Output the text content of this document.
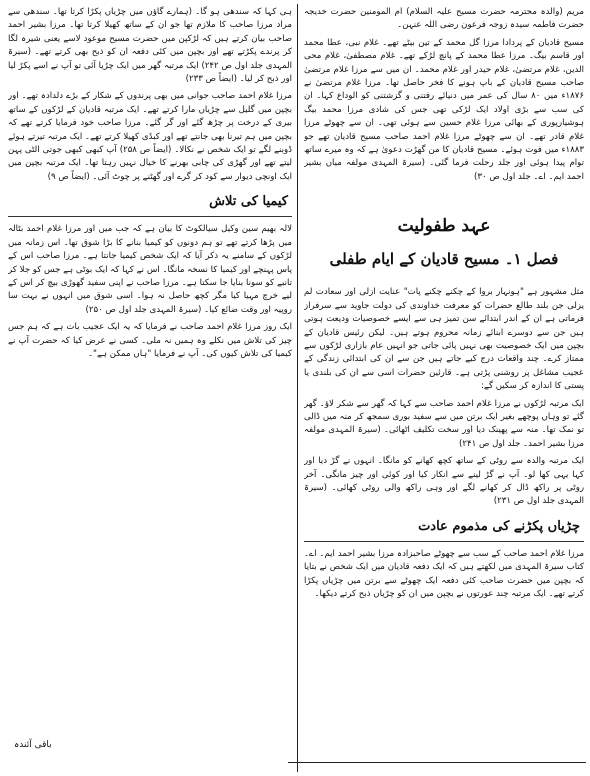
مریم (والدہ محترمہ حضرت مسیح علیہ السلام) ام المومنین حضرت خدیجہ حضرت فاطمہ سیدہ زوجہ فرعون رضی اللہ عنہن۔

مسیح قادیان کے پردادا مرزا گل محمد کے تین بیٹے تھے۔ غلام نبی، عطا محمد اور قاسم بیگ۔ مرزا عطا محمد کے پانچ لڑکے تھے۔ غلام مصطفیٰ، غلام محی الدین، غلام مرتضیٰ، غلام حیدر اور غلام محمد۔ ان میں سے مرزا غلام مرتضیٰ صاحب مسیح قادیان کے باپ ہونے کا فخر حاصل تھا۔ مرزا غلام مرتضیٰ نے ۱۸۷۶ء میں ۸۰ سال کی عمر میں دنیائے رفتنی و گزشتنی کو الوداع کہا۔ ان کی سب سے بڑی اولاد ایک لڑکی تھی جس کی شادی مرزا محمد بیگ ہوشیارپوری کے بھائی مرزا غلام حسین سے ہوئی تھی۔ ان سے چھوٹے مرزا غلام قادر تھے۔ ان سے چھوٹے مرزا غلام احمد صاحب مسیح قادیان تھے جو ۱۸۸۳ء میں فوت ہوئے۔ مسیح قادیان کا من گھڑت دعویٰ ہے کہ وہ میرے ساتھ توام پیدا ہوئی اور جلد رحلت فرما گئی۔ (سیرۃ المہدی مولفہ میاں بشیر احمد ایم۔ اے۔ جلد اول ص ۳۰)

عہد طفولیت
فصل ۱۔ مسیح قادیان کے ایام طفلی

مثل مشہور ہے "ہونہار بروا کے چکنے چکنے پات" عنایت ازلی اور سعادت لم یزلی جن بلند طالع حضرات کو معرفت خداوندی کی دولت جاوید سے سرفراز فرماتی ہے ان کے اندر ابتدائے سن تمیز ہی سے ایسے خصوصیات ودیعت ہوتی ہیں جن سے دوسرے ابنائے زمانہ محروم ہوتے ہیں۔ لیکن رئیس قادیان کے بچپن میں ایک خصوصیت بھی نہیں پائی جاتی جو انہیں عام بازاری لڑکوں سے ممتاز کرے۔ چند واقعات درج کیے جاتے ہیں جن سے ان کی ابتدائی زندگی کے عجیب مشاغل پر روشنی پڑتی ہے۔ قارئین حضرات اسی سے ان کی بلندی یا پستی کا اندازہ کر سکیں گے:

ایک مرتبہ لڑکوں نے مرزا غلام احمد صاحب سے کہا کہ گھر سے شکر لاؤ۔ گھر گئے تو وہاں پوچھے بغیر ایک برتن میں سے سفید بوری سمجھ کر منہ میں ڈالی تو نمک تھا۔ منہ سے پھینک دیا اور سخت تکلیف اٹھائی۔ (سیرۃ المہدی مولفہ مرزا بشیر احمد۔ جلد اول ص ۲۴۱)

ایک مرتبہ والدہ سے روٹی کے ساتھ کچھ کھانے کو مانگا۔ انہوں نے گڑ دیا اور کہا یہی کھا لو۔ آپ نے گڑ لینے سے انکار کیا اور کوئی اور چیز مانگی۔ آخر روٹی پر راکھ ڈال کر کھانے لگے اور وہی راکھ والی روٹی کھائی۔ (سیرۃ المہدی جلد اول ص ۲۳۱)

چڑیاں پکڑنے کی مذموم عادت

مرزا غلام احمد صاحب کے سب سے چھوٹے صاحبزادہ مرزا بشیر احمد ایم۔ اے۔ کتاب سیرۃ المہدی میں لکھتے ہیں کہ ایک دفعہ قادیان میں ایک شخص نے بتایا کہ بچپن میں حضرت صاحب کئی دفعہ ایک چھوٹے سے برتن میں چڑیاں پکڑا کرتے تھے۔ ایک مرتبہ چند عورتوں نے بچپن میں ان کو چڑیاں ذبح کرتے دیکھا۔

ہی کہا کہ سندھی ہو گا۔ (ہمارے گاؤں میں چڑیاں پکڑا کرتا تھا۔ سندھی سے مراد مرزا صاحب کا ملازم تھا جو ان کے ساتھ کھیلا کرتا تھا۔ مرزا بشیر احمد صاحب بیان کرتے ہیں کہ لڑکپن میں حضرت مسیح موعود لاسے یعنی شیرہ لگا کر پرندے پکڑتے تھے اور بچپن میں کئی دفعہ ان کو ذبح بھی کرتے تھے۔ (سیرۃ المہدی جلد اول ص ۲۴۲) ایک مرتبہ گھر میں ایک چڑیا آئی تو آپ نے اسے پکڑ لیا اور ذبح کر لیا۔ (ایضاً ص ۲۳۳)

مرزا غلام احمد صاحب جوانی میں بھی پرندوں کے شکار کے بڑے دلدادہ تھے۔ اور بچپن میں گلیل سے چڑیاں مارا کرتے تھے۔ ایک مرتبہ قادیان کے لڑکوں کے ساتھ بیری کے درخت پر چڑھ گئے اور گر گئے۔ مرزا صاحب خود فرمایا کرتے تھے کہ بچپن میں ہم تیرنا بھی جانتے تھے اور کبڈی کھیلا کرتے تھے۔ ایک مرتبہ تیرتے ہوئے ڈوبنے لگے تو ایک شخص نے نکالا۔ (ایضاً ص ۲۵۸) آپ کبھی کبھی جوتی الٹی پہن لیتے تھے اور گھڑی کی چابی بھرنے کا خیال نہیں رہتا تھا۔ ایک مرتبہ بچپن میں ایک اونچی دیوار سے کود کر گرے اور گھٹنے پر چوٹ آئی۔ (ایضاً ص ۹)

کیمیا کی تلاش

لالہ بھیم سین وکیل سیالکوٹ کا بیان ہے کہ جب میں اور مرزا غلام احمد بٹالہ میں پڑھا کرتے تھے تو ہم دونوں کو کیمیا بنانے کا بڑا شوق تھا۔ اس زمانہ میں لڑکوں کے سامنے یہ ذکر آیا کہ ایک شخص کیمیا جانتا ہے۔ مرزا صاحب اس کے پاس پہنچے اور کیمیا کا نسخہ مانگا۔ اس نے کہا کہ ایک بوٹی ہے جس کو جلا کر تانبے کو سونا بنایا جا سکتا ہے۔ مرزا صاحب نے اپنی سفید گھوڑی بیچ کر اس کے لیے خرچ مہیا کیا مگر کچھ حاصل نہ ہوا۔ اسی شوق میں انہوں نے بہت سا روپیہ اور وقت ضائع کیا۔ (سیرۃ المہدی جلد اول ص ۲۵۰)

ایک روز مرزا غلام احمد صاحب نے فرمایا کہ یہ ایک عجیب بات ہے کہ ہم جس چیز کی تلاش میں نکلے وہ ہمیں نہ ملی۔ کسی نے عرض کیا کہ حضرت آپ نے کیمیا کی تلاش کیوں کی۔ آپ نے فرمایا "ہاں ممکن ہے"۔

باقی آئندہ
